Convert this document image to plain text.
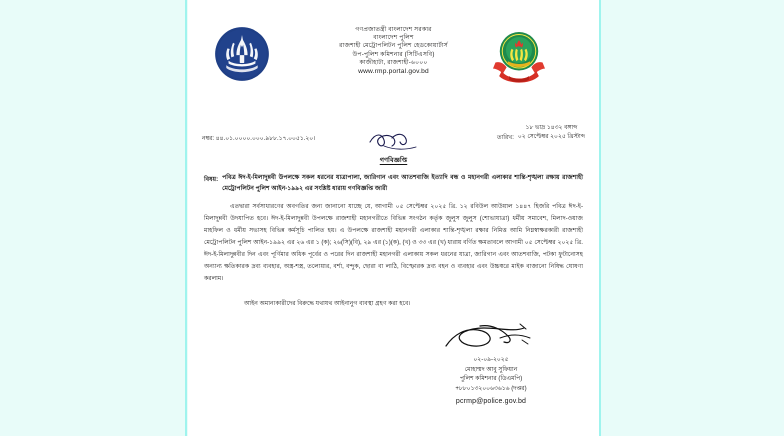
গণপ্রজাতন্ত্রী বাংলাদেশ সরকার
বাংলাদেশ পুলিশ
রাজশাহী মেট্রোপলিটন পুলিশ হেডকোয়ার্টার্স
উপ-পুলিশ কমিশনার (সিটিএসবি)
কাজীহাটা, রাজশাহী-৬০০০
www.rmp.portal.gov.bd
নম্বর: ৪৪.০১.০০০০.০০০.৯৮৮.১৭.০০৫১.২০।	তারিখ:
১৮ ভাদ্র ১৪৩২ বঙ্গাব্দ
০২ সেপ্টেম্বর ২০২৫ খ্রিস্টাব্দ
গণবিজ্ঞপ্তি
বিষয়: পবিত্র ঈদ-ই-মিলাদুন্নবী উপলক্ষে সকল ধরনের যাত্রাপালা, জারিগান এবং আতশবাজি ইত্যাদি বন্ধ ও মহানগরী এলাকার শান্তি-শৃঙ্খলা রক্ষায় রাজশাহী মেট্রোপলিটন পুলিশ আইন-১৯৯২ এর সংশ্লিষ্ট ধারায় গণবিজ্ঞপ্তি জারী

এতদ্বারা সর্বসাধারণের অবগতির জন্য জানানো যাচ্ছে যে, আগামী ০৫ সেপ্টেম্বর ২০২৫ খ্রি. ১২ রবিউল আউয়াল ১৪৪৭ হিজরি পবিত্র ঈদ-ই-মিলাদুন্নবী উদযাপিত হবে। ঈদ-ই-মিলাদুন্নবী উপলক্ষে রাজশাহী মহানগরীতে বিভিন্ন সংগঠন কর্তৃক জুলুস জুলুস (শোভাযাত্রা) ধর্মীয় সমাবেশ, মিলাদ-ওয়াজ মাহফিল ও ধর্মীয় সভাসহ বিভিন্ন কর্মসূচি পালিত হয়। এ উপলক্ষে রাজশাহী মহানগরী এলাকার শান্তি-শৃঙ্খলা রক্ষার নিমিত্ত আমি নিম্নস্বাক্ষরকারী রাজশাহী মেট্রোপলিটন পুলিশ আইন-১৯৯২ এর ২৬ এর ১ (ক); ২৬(সি)(বি), ২৯ এর (১)(ক), (খ) ও ৩৩ এর (খ) ধারায় বর্ণিত ক্ষমতাবলে আগামী ০৫ সেপ্টেম্বর ২০২৫ খ্রি. ঈদ-ই-মিলাদুন্নবীর দিন এবং পূর্ণিমার অধিক পূর্বের ও পরের দিন রাজশাহী মহানগরী এলাকায় সকল ধরনের যাত্রা, জারিগান এবং আতশবাজি, পটকা ফুটানোসহ অন্যান্য ক্ষতিকারক দ্রব্য ব্যবহার, অস্ত্র-শস্ত্র, তলোয়ার, বর্শা, বন্দুক, ছোরা বা লাঠি, বিস্ফোরক দ্রব্য বহন ও ব্যবহার এবং উচ্চস্বরে মাইক বাজানো নিষিদ্ধ ঘোষণা করলাম।

আইন অমান্যকারীদের বিরুদ্ধে যথাযথ আইনানুগ ব্যবস্থা গ্রহণ করা হবে।
০২-০৯-২০২৫
মোহাম্মদ আবু সুফিয়ান
পুলিশ কমিশনার (ডিএমপি)
+৮৮০১৩২০০৬৩৬১৬ (দপ্তর)
pcrmp@police.gov.bd
